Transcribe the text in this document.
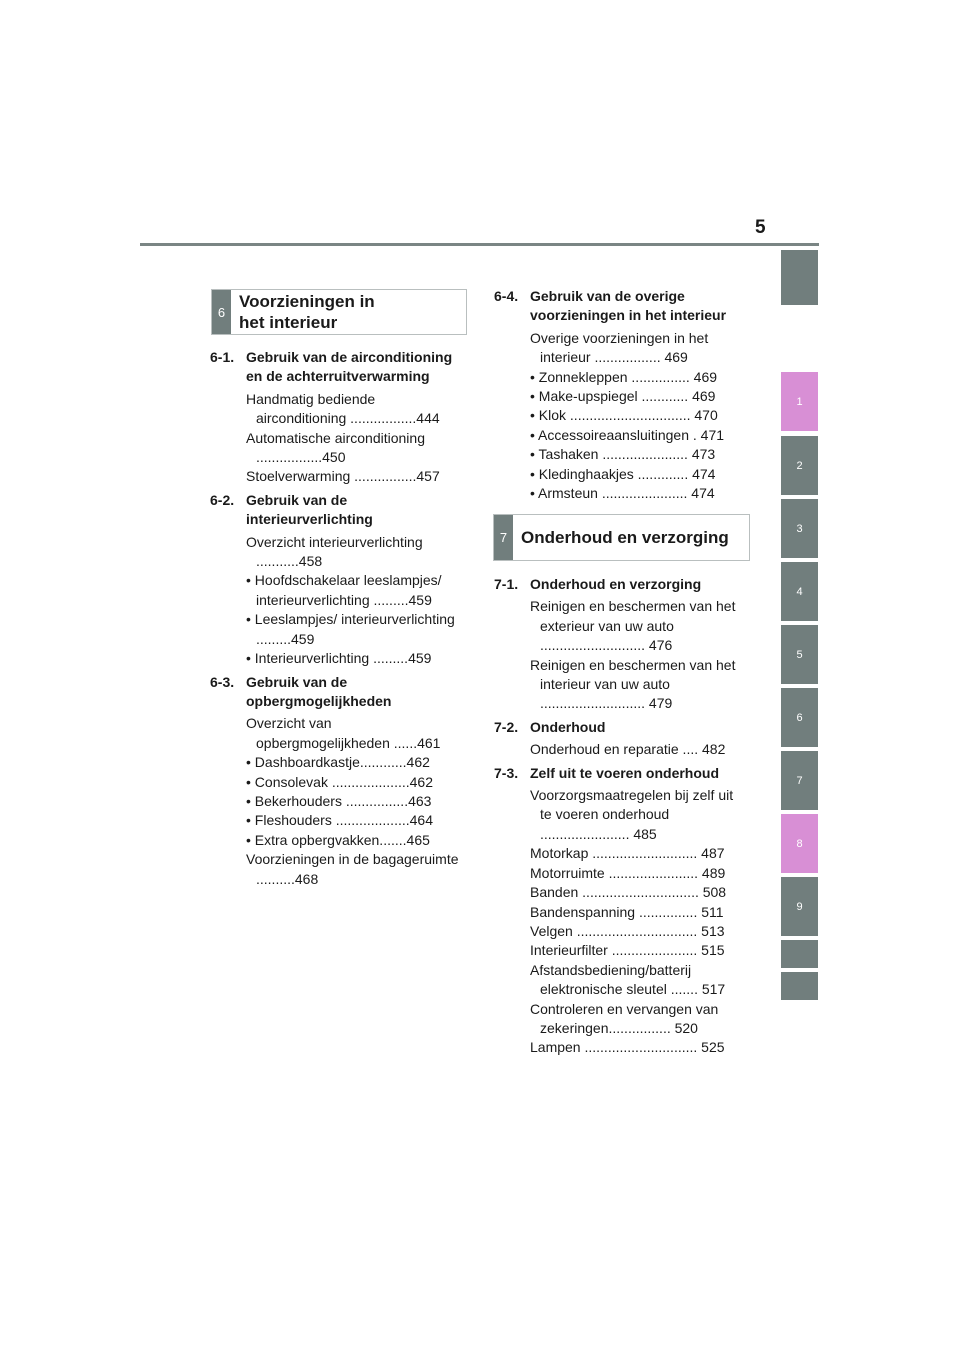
5
6
Voorzieningen in
het interieur
7 Onderhoud en verzorging
6-1. Gebruik van de airconditioning en de achterruitverwarming
Handmatig bediende airconditioning .................444
Automatische airconditioning .................450
Stoelverwarming ................457
6-2. Gebruik van de interieurverlichting
Overzicht interieurverlichting ...........458
• Hoofdschakelaar leeslampjes/ interieurverlichting .........459
• Leeslampjes/ interieurverlichting .........459
• Interieurverlichting .........459
6-3. Gebruik van de opbergmogelijkheden
Overzicht van opbergmogelijkheden ......461
• Dashboardkastje............462
• Consolevak ....................462
• Bekerhouders ................463
• Fleshouders ...................464
• Extra opbergvakken.......465
Voorzieningen in de bagageruimte ..........468
6-4. Gebruik van de overige voorzieningen in het interieur
Overige voorzieningen in het interieur ................. 469
• Zonnekleppen ............... 469
• Make-upspiegel ............ 469
• Klok ............................... 470
• Accessoireaansluitingen . 471
• Tashaken ...................... 473
• Kledinghaakjes ............. 474
• Armsteun ...................... 474
7-1. Onderhoud en verzorging
Reinigen en beschermen van het exterieur van uw auto ........................... 476
Reinigen en beschermen van het interieur van uw auto ........................... 479
7-2. Onderhoud
Onderhoud en reparatie .... 482
7-3. Zelf uit te voeren onderhoud
Voorzorgsmaatregelen bij zelf uit te voeren onderhoud ....................... 485
Motorkap ........................... 487
Motorruimte ....................... 489
Banden .............................. 508
Bandenspanning ............... 511
Velgen ............................... 513
Interieurfilter ...................... 515
Afstandsbediening/batterij elektronische sleutel ....... 517
Controleren en vervangen van zekeringen................ 520
Lampen ............................. 525
1
2
3
4
5
6
7
8
9
